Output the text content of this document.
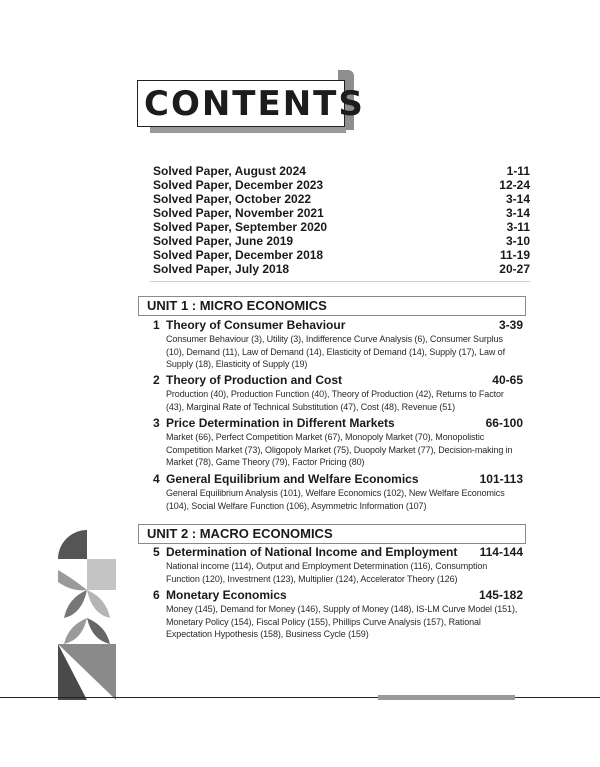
CONTENTS
Solved Paper, August 2024	1-11
Solved Paper, December 2023	12-24
Solved Paper, October 2022	3-14
Solved Paper, November 2021	3-14
Solved Paper, September 2020	3-11
Solved Paper, June 2019	3-10
Solved Paper, December 2018	11-19
Solved Paper, July 2018	20-27
UNIT 1 : MICRO ECONOMICS
1 Theory of Consumer Behaviour	3-39
Consumer Behaviour (3), Utility (3), Indifference Curve Analysis (6), Consumer Surplus (10), Demand (11), Law of Demand (14), Elasticity of Demand (14), Supply (17), Law of Supply (18), Elasticity of Supply (19)
2 Theory of Production and Cost	40-65
Production (40), Production Function (40), Theory of Production (42), Returns to Factor (43), Marginal Rate of Technical Substitution (47), Cost (48), Revenue (51)
3 Price Determination in Different Markets	66-100
Market (66), Perfect Competition Market (67), Monopoly Market (70), Monopolistic Competition Market (73), Oligopoly Market (75), Duopoly Market (77), Decision-making in Market (78), Game Theory (79), Factor Pricing (80)
4 General Equilibrium and Welfare Economics	101-113
General Equilibrium Analysis (101), Welfare Economics (102), New Welfare Economics (104), Social Welfare Function (106), Asymmetric Information (107)
UNIT 2 : MACRO ECONOMICS
5 Determination of National Income and Employment	114-144
National income (114), Output and Employment Determination (116), Consumption Function (120), Investment (123), Multiplier (124), Accelerator Theory (126)
6 Monetary Economics	145-182
Money (145), Demand for Money (146), Supply of Money (148), IS-LM Curve Model (151), Monetary Policy (154), Fiscal Policy (155), Phillips Curve Analysis (157), Rational Expectation Hypothesis (158), Business Cycle (159)
